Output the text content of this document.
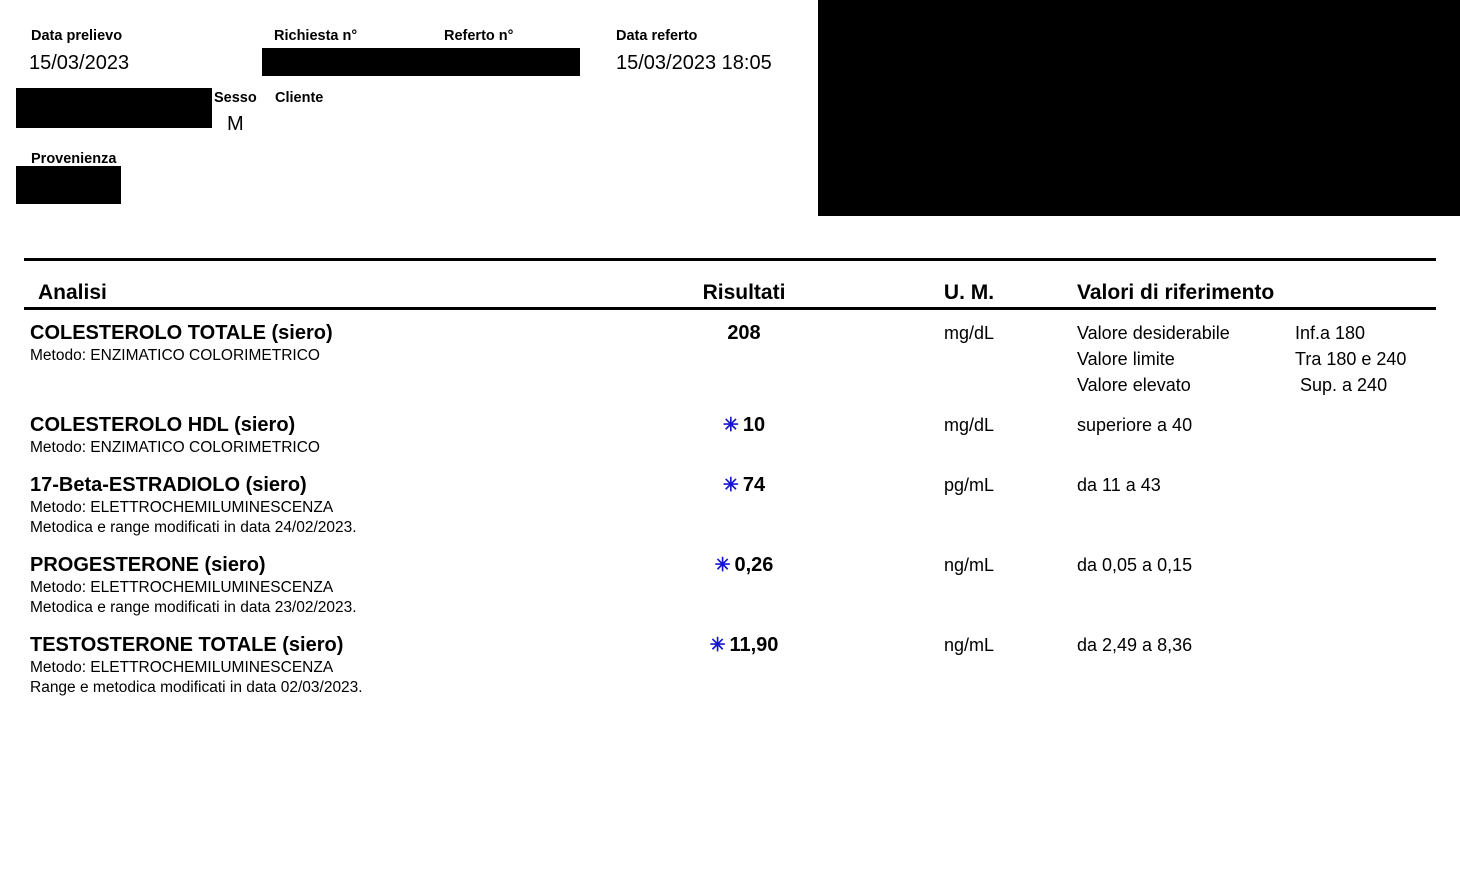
Data prelievo
15/03/2023
Richiesta n°	Referto n°	Data referto
15/03/2023 18:05
Paziente	Età Sesso Cliente
M
Provenienza
Analisi	Risultati	U. M.	Valori di riferimento
COLESTEROLO TOTALE (siero)
Metodo: ENZIMATICO COLORIMETRICO
208	mg/dL	Valore desiderabile	Inf.a 180
Valore limite	Tra 180 e 240
Valore elevato	Sup. a 240
COLESTEROLO HDL (siero)
Metodo: ENZIMATICO COLORIMETRICO
✳ 10	mg/dL	superiore a 40
17-Beta-ESTRADIOLO (siero)
Metodo: ELETTROCHEMILUMINESCENZA
Metodica e range modificati in data 24/02/2023.
✳ 74	pg/mL	da 11 a 43
PROGESTERONE (siero)
Metodo: ELETTROCHEMILUMINESCENZA
Metodica e range modificati in data 23/02/2023.
✳ 0,26	ng/mL	da 0,05 a 0,15
TESTOSTERONE TOTALE (siero)
Metodo: ELETTROCHEMILUMINESCENZA
Range e metodica modificati in data 02/03/2023.
✳ 11,90	ng/mL	da 2,49 a 8,36
